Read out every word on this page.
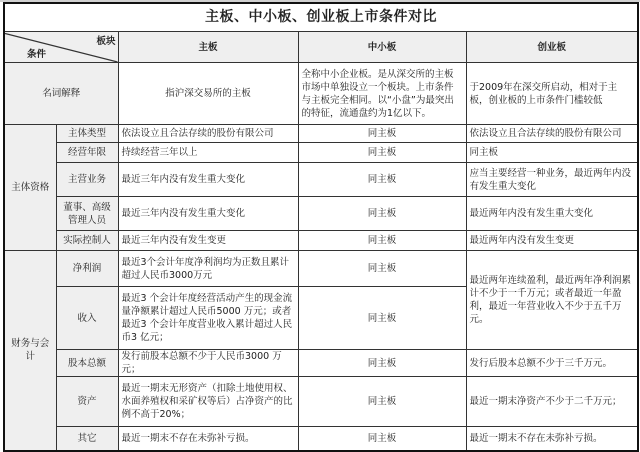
主板、中小板、创业板上市条件对比				

板块
条件		主板	中小板	创业板
名词解释		指沪深交易所的主板	全称中小企业板。是从深交所的主板市场中单独设立一个板块。上市条件与主板完全相同。以“小盘”为最突出的特征，流通盘约为1亿以下。	于2009年在深交所启动，相对于主板，创业板的上市条件门槛较低
主体资格	主体类型	依法设立且合法存续的股份有限公司	同主板	依法设立且合法存续的股份有限公司
	经营年限	持续经营三年以上	同主板	同主板
	主营业务	最近三年内没有发生重大变化	同主板	应当主要经营一种业务，最近两年内没有发生重大变化
	董事、高级管理人员	最近三年内没有发生重大变化	同主板	最近两年内没有发生重大变化
	实际控制人	最近三年内没有发生变更	同主板	最近两年内没有发生变更
财务与会计	净利润	最近3个会计年度净利润均为正数且累计超过人民币3000万元	同主板	最近两年连续盈利，最近两年净利润累计不少于一千万元；或者最近一年盈利，最近一年营业收入不少于五千万元。
	收入	最近3 个会计年度经营活动产生的现金流量净额累计超过人民币5000 万元；或者最近3 个会计年度营业收入累计超过人民币3 亿元；	同主板	
	股本总额	发行前股本总额不少于人民币3000 万元；	同主板	发行后股本总额不少于三千万元。
	资产	最近一期末无形资产（扣除土地使用权、水面养殖权和采矿权等后）占净资产的比例不高于20%；	同主板	最近一期末净资产不少于二千万元；
	其它	最近一期末不存在未弥补亏损。	同主板	最近一期末不存在未弥补亏损。
